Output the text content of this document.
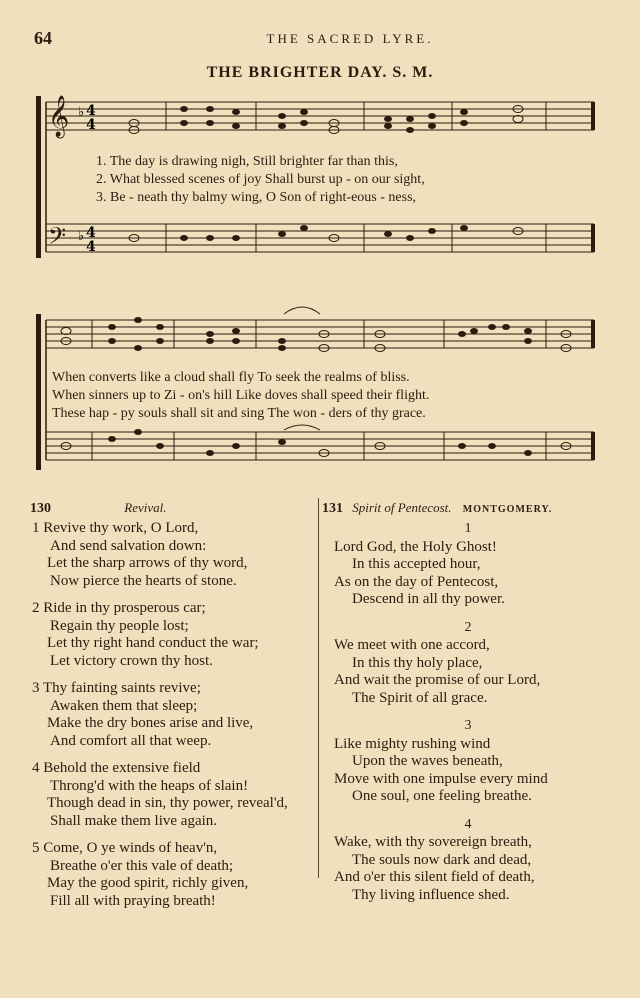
64	THE SACRED LYRE.
THE BRIGHTER DAY. S. M.
𝄞
𝄢
♭
♭
4
4
4
4
1. The day is drawing nigh, Still brighter far than this,
2. What blessed scenes of joy Shall burst up - on our sight,
3. Be - neath thy balmy wing, O Son of right-eous - ness,
When converts like a cloud shall fly To seek the realms of bliss.
When sinners up to Zi - on's hill Like doves shall speed their flight.
These hap - py souls shall sit and sing The won - ders of thy grace.
130	Revival.
1 Revive thy work, O Lord,
And send salvation down:
Let the sharp arrows of thy word,
Now pierce the hearts of stone.
2 Ride in thy prosperous car;
Regain thy people lost;
Let thy right hand conduct the war;
Let victory crown thy host.
3 Thy fainting saints revive;
Awaken them that sleep;
Make the dry bones arise and live,
And comfort all that weep.
4 Behold the extensive field
Throng'd with the heaps of slain!
Though dead in sin, thy power, reveal'd,
Shall make them live again.
5 Come, O ye winds of heav'n,
Breathe o'er this vale of death;
May the good spirit, richly given,
Fill all with praying breath!
131 Spirit of Pentecost. MONTGOMERY.
1
Lord God, the Holy Ghost!
In this accepted hour,
As on the day of Pentecost,
Descend in all thy power.
2
We meet with one accord,
In this thy holy place,
And wait the promise of our Lord,
The Spirit of all grace.
3
Like mighty rushing wind
Upon the waves beneath,
Move with one impulse every mind
One soul, one feeling breathe.
4
Wake, with thy sovereign breath,
The souls now dark and dead,
And o'er this silent field of death,
Thy living influence shed.
